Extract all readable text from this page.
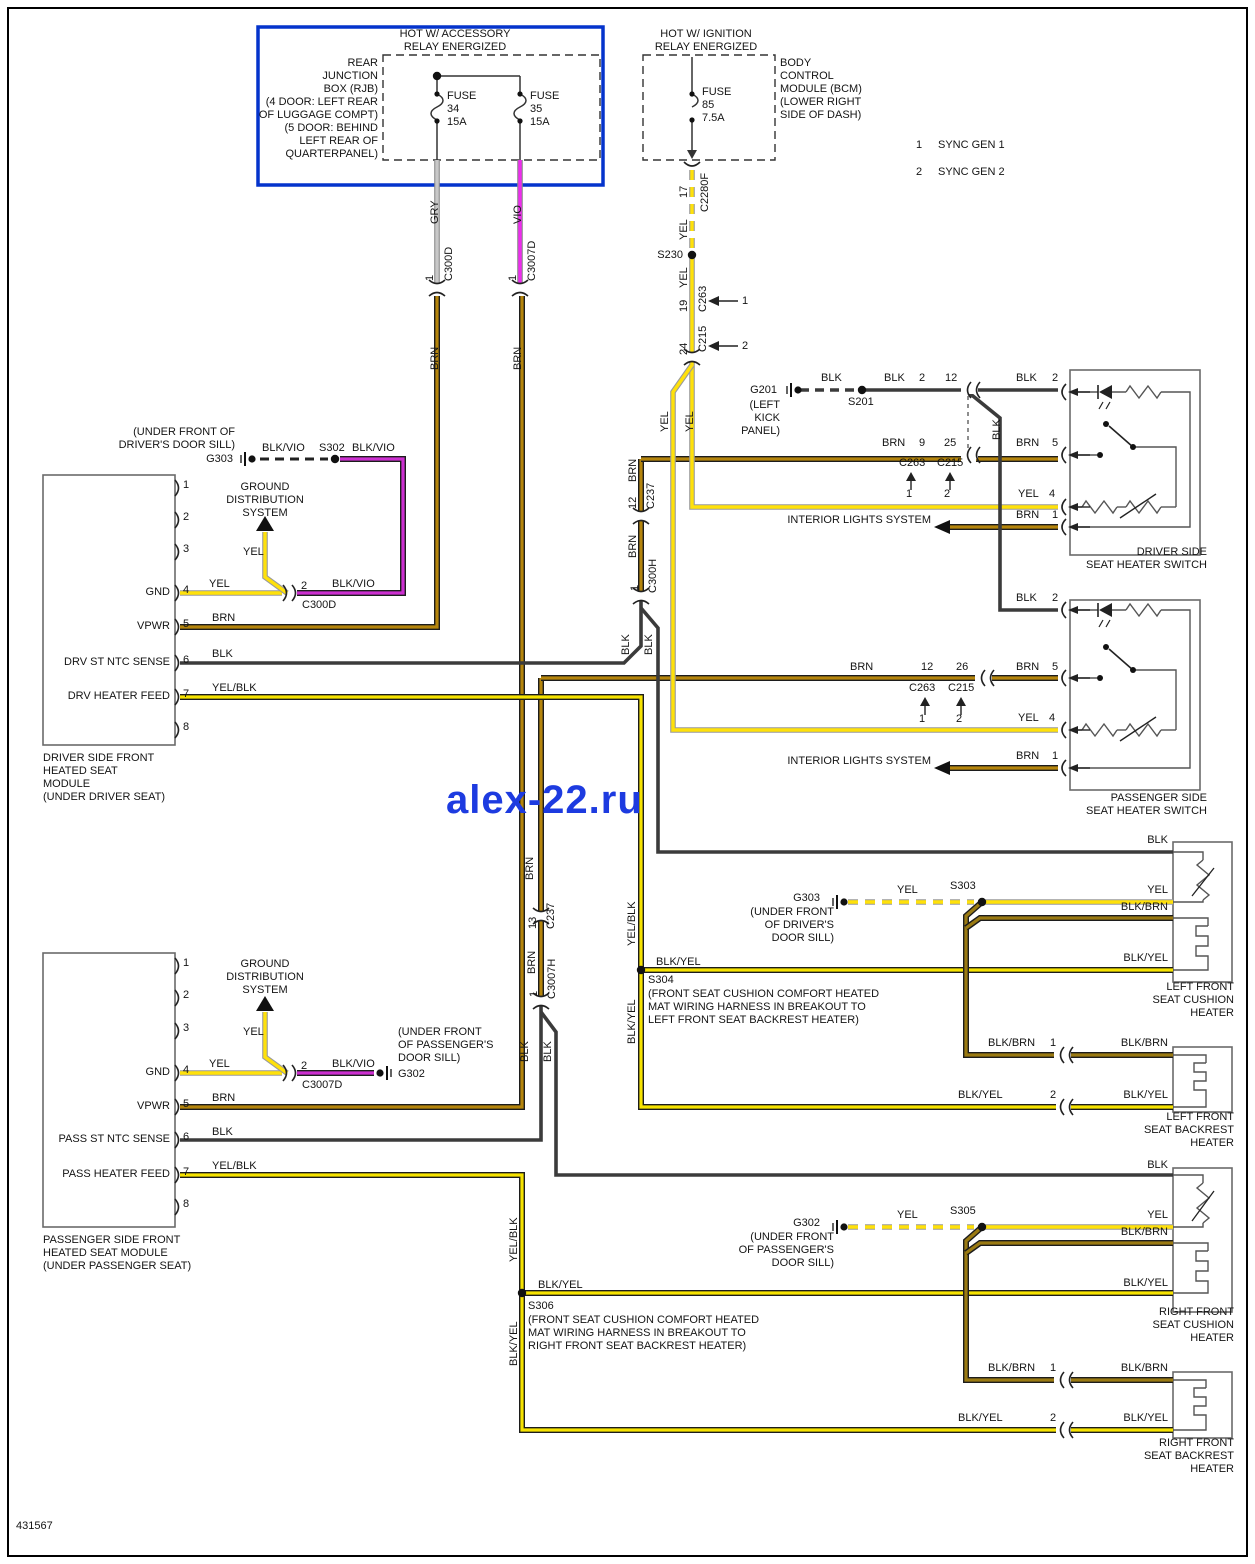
HOT W/ ACCESSORY
RELAY ENERGIZED
REAR
JUNCTION
BOX (RJB)
(4 DOOR: LEFT REAR
OF LUGGAGE COMPT)
(5 DOOR: BEHIND
LEFT REAR OF
QUARTERPANEL)
FUSE
34
15A
FUSE
35
15A
HOT W/ IGNITION
RELAY ENERGIZED
FUSE
85
7.5A
BODY
CONTROL
MODULE (BCM)
(LOWER RIGHT
SIDE OF DASH)
1 SYNC GEN 1
2 SYNC GEN 2
17 C2280F
YEL
S230
YEL
19 C263	1
24 C215	2
YEL YEL
G201
(LEFT
KICK
PANEL)
BLK
S201
BLK 2 12	BLK 2
BLK
BRN 9 25
C263 C215
1	2
BRN 5
YEL 4
BRN 1
INTERIOR LIGHTS SYSTEM
DRIVER SIDE
SEAT HEATER SWITCH
GRY
1 C300D
BRN
VIO
1 C3007D
BRN
BRN
12 C237
BRN
1 C300H
BLK BLK
(UNDER FRONT OF
DRIVER'S DOOR SILL)
G303
BLK/VIO S302 BLK/VIO
GROUND
DISTRIBUTION
SYSTEM
YEL
YEL	2 BLK/VIO
C300D
1
2
3
4
5
6
7
8
GND
VPWR
DRV ST NTC SENSE
DRV HEATER FEED
BRN
BLK
YEL/BLK
DRIVER SIDE FRONT
HEATED SEAT
MODULE
(UNDER DRIVER SEAT)
BLK 2
BRN	12 26
C263 C215
1	2
BRN 5
YEL 4
BRN 1
INTERIOR LIGHTS SYSTEM
PASSENGER SIDE
SEAT HEATER SWITCH
BRN
13 C237
BRN
1 C3007H
YEL/BLK
BLK/YEL
S304
(FRONT SEAT CUSHION COMFORT HEATED
MAT WIRING HARNESS IN BREAKOUT TO
LEFT FRONT SEAT BACKREST HEATER)
BLK/YEL
G303
(UNDER FRONT
OF DRIVER'S
DOOR SILL)
YEL	S303	YEL
BLK/BRN
BLK
BLK/YEL
LEFT FRONT
SEAT CUSHION
HEATER
BLK/BRN 1	BLK/BRN
BLK/YEL	2	BLK/YEL
LEFT FRONT
SEAT BACKREST
HEATER
GROUND
DISTRIBUTION
SYSTEM
YEL
YEL	2 BLK/VIO
C3007D
(UNDER FRONT
OF PASSENGER'S
DOOR SILL)
G302
1
2
3
4
5
6
7
8
GND
VPWR
PASS ST NTC SENSE
PASS HEATER FEED
BRN
BLK
YEL/BLK
PASSENGER SIDE FRONT
HEATED SEAT MODULE
(UNDER PASSENGER SEAT)
BLK BLK
YEL/BLK
BLK/YEL
BLK/YEL
S306
(FRONT SEAT CUSHION COMFORT HEATED
MAT WIRING HARNESS IN BREAKOUT TO
RIGHT FRONT SEAT BACKREST HEATER)
G302
(UNDER FRONT
OF PASSENGER'S
DOOR SILL)
YEL	S305	YEL
BLK/BRN
BLK
BLK/YEL
RIGHT FRONT
SEAT CUSHION
HEATER
BLK/BRN 1	BLK/BRN
BLK/YEL	2	BLK/YEL
RIGHT FRONT
SEAT BACKREST
HEATER
alex-22.ru
431567
